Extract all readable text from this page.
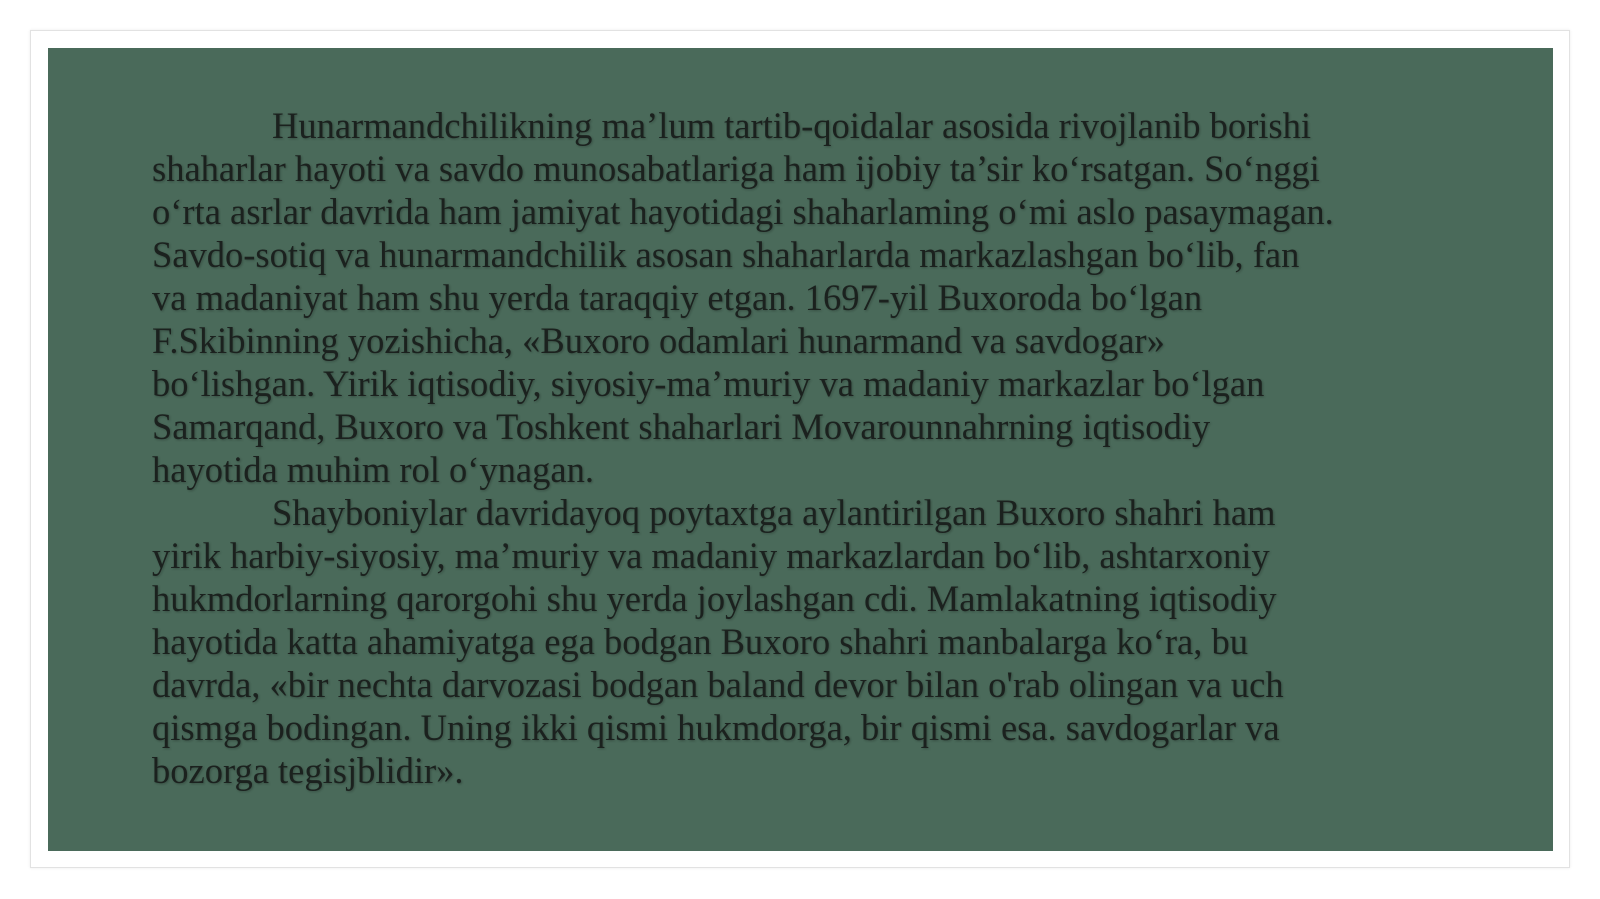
Hunarmandchilikning ma’lum tartib-qoidalar asosida rivojlanib borishi
shaharlar hayoti va savdo munosabatlariga ham ijobiy ta’sir ko‘rsatgan. So‘nggi
o‘rta asrlar davrida ham jamiyat hayotidagi shaharlaming o‘mi aslo pasaymagan.
Savdo-sotiq va hunarmandchilik asosan shaharlarda markazlashgan bo‘lib, fan
va madaniyat ham shu yerda taraqqiy etgan. 1697-yil Buxoroda bo‘lgan
F.Skibinning yozishicha, «Buxoro odamlari hunarmand va savdogar»
bo‘lishgan. Yirik iqtisodiy, siyosiy-ma’muriy va madaniy markazlar bo‘lgan
Samarqand, Buxoro va Toshkent shaharlari Movarounnahrning iqtisodiy
hayotida muhim rol o‘ynagan.
Shayboniylar davridayoq poytaxtga aylantirilgan Buxoro shahri ham
yirik harbiy-siyosiy, ma’muriy va madaniy markazlardan bo‘lib, ashtarxoniy
hukmdorlarning qarorgohi shu yerda joylashgan cdi. Mamlakatning iqtisodiy
hayotida katta ahamiyatga ega bodgan Buxoro shahri manbalarga ko‘ra, bu
davrda, «bir nechta darvozasi bodgan baland devor bilan o'rab olingan va uch
qismga bodingan. Uning ikki qismi hukmdorga, bir qismi esa. savdogarlar va
bozorga tegisjblidir».
